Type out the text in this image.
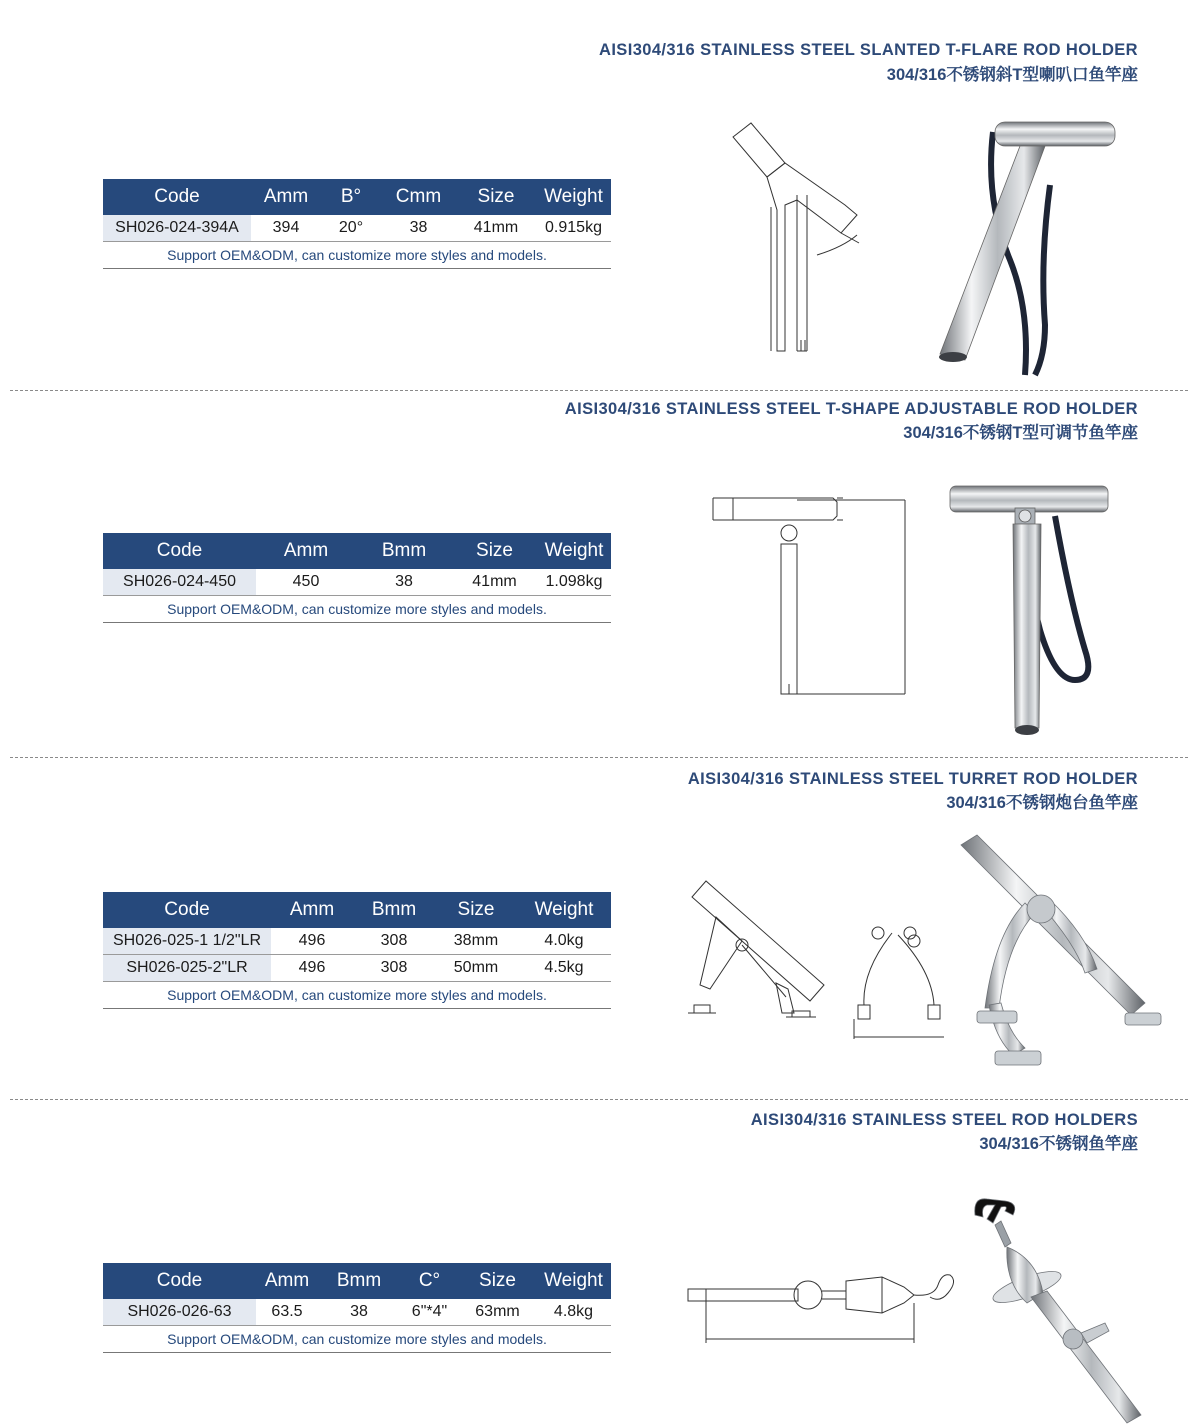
AISI304/316 STAINLESS STEEL SLANTED T-FLARE ROD HOLDER
304/316不锈钢斜T型喇叭口鱼竿座
Code	Amm	B°	Cmm	Size	Weight
SH026-024-394A	394	20°	38	41mm	0.915kg
Support OEM&ODM, can customize more styles and models.					
AISI304/316 STAINLESS STEEL T-SHAPE ADJUSTABLE ROD HOLDER
304/316不锈钢T型可调节鱼竿座
Code	Amm	Bmm	Size	Weight
SH026-024-450	450	38	41mm	1.098kg
Support OEM&ODM, can customize more styles and models.				
AISI304/316 STAINLESS STEEL TURRET ROD HOLDER
304/316不锈钢炮台鱼竿座
Code	Amm	Bmm	Size	Weight
SH026-025-1 1/2"LR	496	308	38mm	4.0kg
SH026-025-2"LR	496	308	50mm	4.5kg
Support OEM&ODM, can customize more styles and models.				
AISI304/316 STAINLESS STEEL ROD HOLDERS
304/316不锈钢鱼竿座
Code	Amm	Bmm	C°	Size	Weight
SH026-026-63	63.5	38	6"*4"	63mm	4.8kg
Support OEM&ODM, can customize more styles and models.					
